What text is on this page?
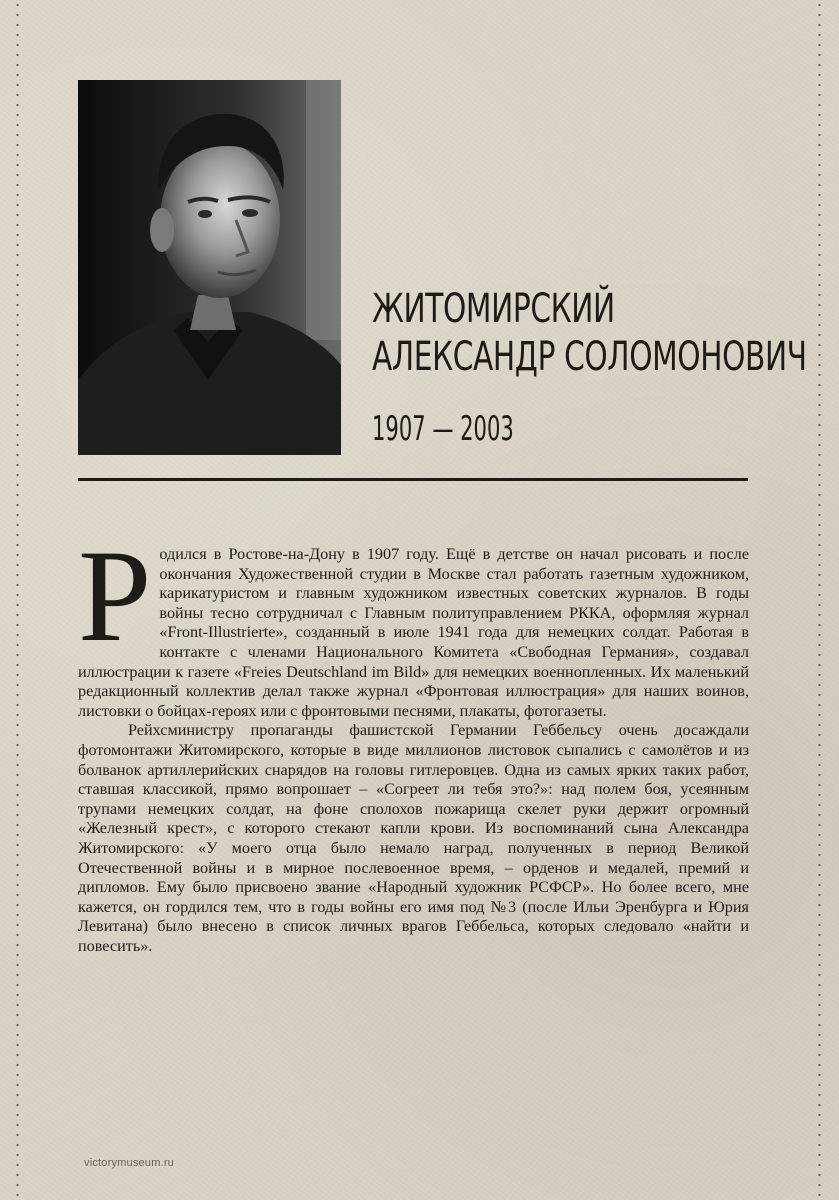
ЖИТОМИРСКИЙ
АЛЕКСАНДР СОЛОМОНОВИЧ
1907 — 2003

Родился в Ростове-на-Дону в 1907 году. Ещё в детстве он начал рисовать и после окончания Художественной студии в Москве стал работать газетным художником, карикатуристом и главным художником известных советских журналов. В годы войны тесно сотрудничал с Главным политуправлением РККА, оформляя журнал «Front-Illustrierte», созданный в июле 1941 года для немецких солдат. Работая в контакте с членами Национального Комитета «Свободная Германия», создавал иллюстрации к газете «Freies Deutschland im Bild» для немецких военнопленных. Их маленький редакционный коллектив делал также журнал «Фронтовая иллюстрация» для наших воинов, листовки о бойцах-героях или с фронтовыми песнями, плакаты, фотогазеты.

Рейхсминистру пропаганды фашистской Германии Геббельсу очень досаждали фотомонтажи Житомирского, которые в виде миллионов листовок сыпались с самолётов и из болванок артиллерийских снарядов на головы гитлеровцев. Одна из самых ярких таких работ, ставшая классикой, прямо вопрошает – «Согреет ли тебя это?»: над полем боя, усеянным трупами немецких солдат, на фоне сполохов пожарища скелет руки держит огромный «Железный крест», с которого стекают капли крови. Из воспоминаний сына Александра Житомирского: «У моего отца было немало наград, полученных в период Великой Отечественной войны и в мирное послевоенное время, – орденов и медалей, премий и дипломов. Ему было присвоено звание «Народный художник РСФСР». Но более всего, мне кажется, он гордился тем, что в годы войны его имя под №3 (после Ильи Эренбурга и Юрия Левитана) было внесено в список личных врагов Геббельса, которых следовало «найти и повесить».

victorymuseum.ru
